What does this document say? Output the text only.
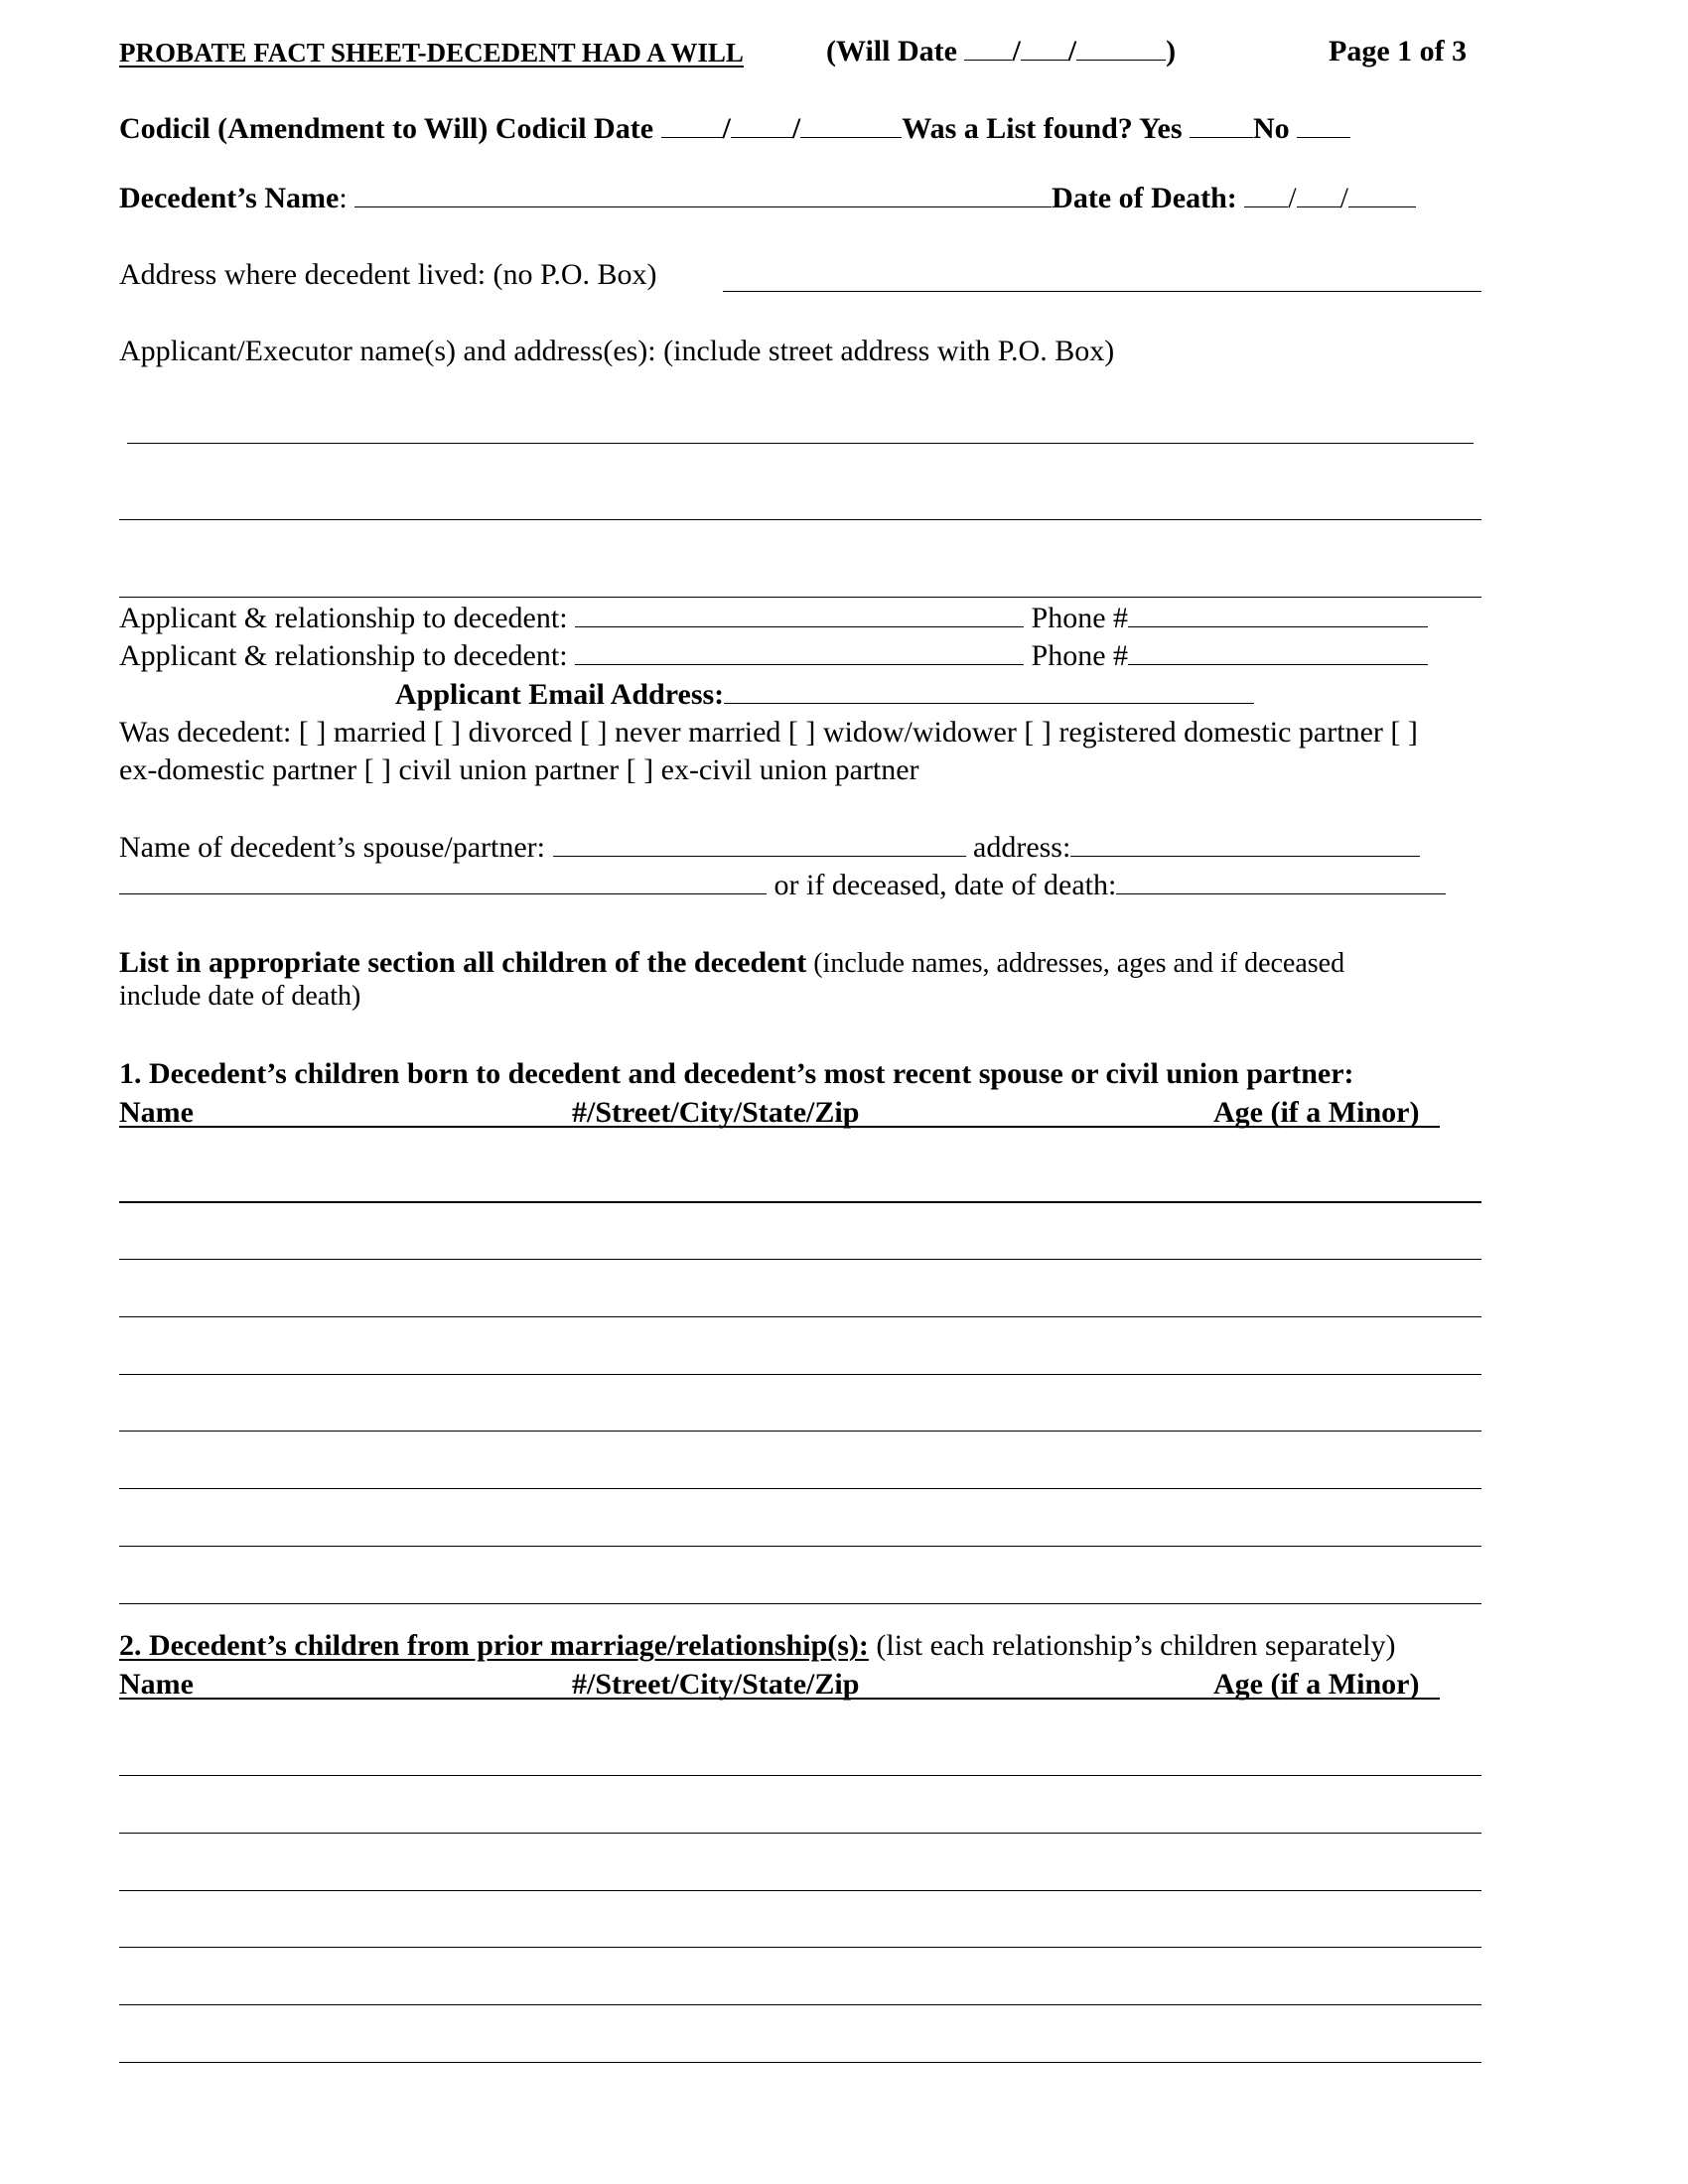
PROBATE FACT SHEET-DECEDENT HAD A WILL	(Will Date / /	)	Page 1 of 3
Codicil (Amendment to Will) Codicil Date / /	Was a List found? Yes No
Decedent’s Name:	Date of Death: / /
Address where decedent lived: (no P.O. Box)
Applicant/Executor name(s) and address(es): (include street address with P.O. Box)
Applicant & relationship to decedent:	Phone #
Applicant & relationship to decedent:	Phone #
Applicant Email Address:
Was decedent: [ ] married [ ] divorced [ ] never married [ ] widow/widower [ ] registered domestic partner [ ]
ex-domestic partner [ ] civil union partner [ ] ex-civil union partner
Name of decedent’s spouse/partner:	address:
or if deceased, date of death:
List in appropriate section all children of the decedent (include names, addresses, ages and if deceased
include date of death)
1. Decedent’s children born to decedent and decedent’s most recent spouse or civil union partner:
Name	#/Street/City/State/Zip	Age (if a Minor)
2. Decedent’s children from prior marriage/relationship(s): (list each relationship’s children separately)
Name	#/Street/City/State/Zip	Age (if a Minor)
